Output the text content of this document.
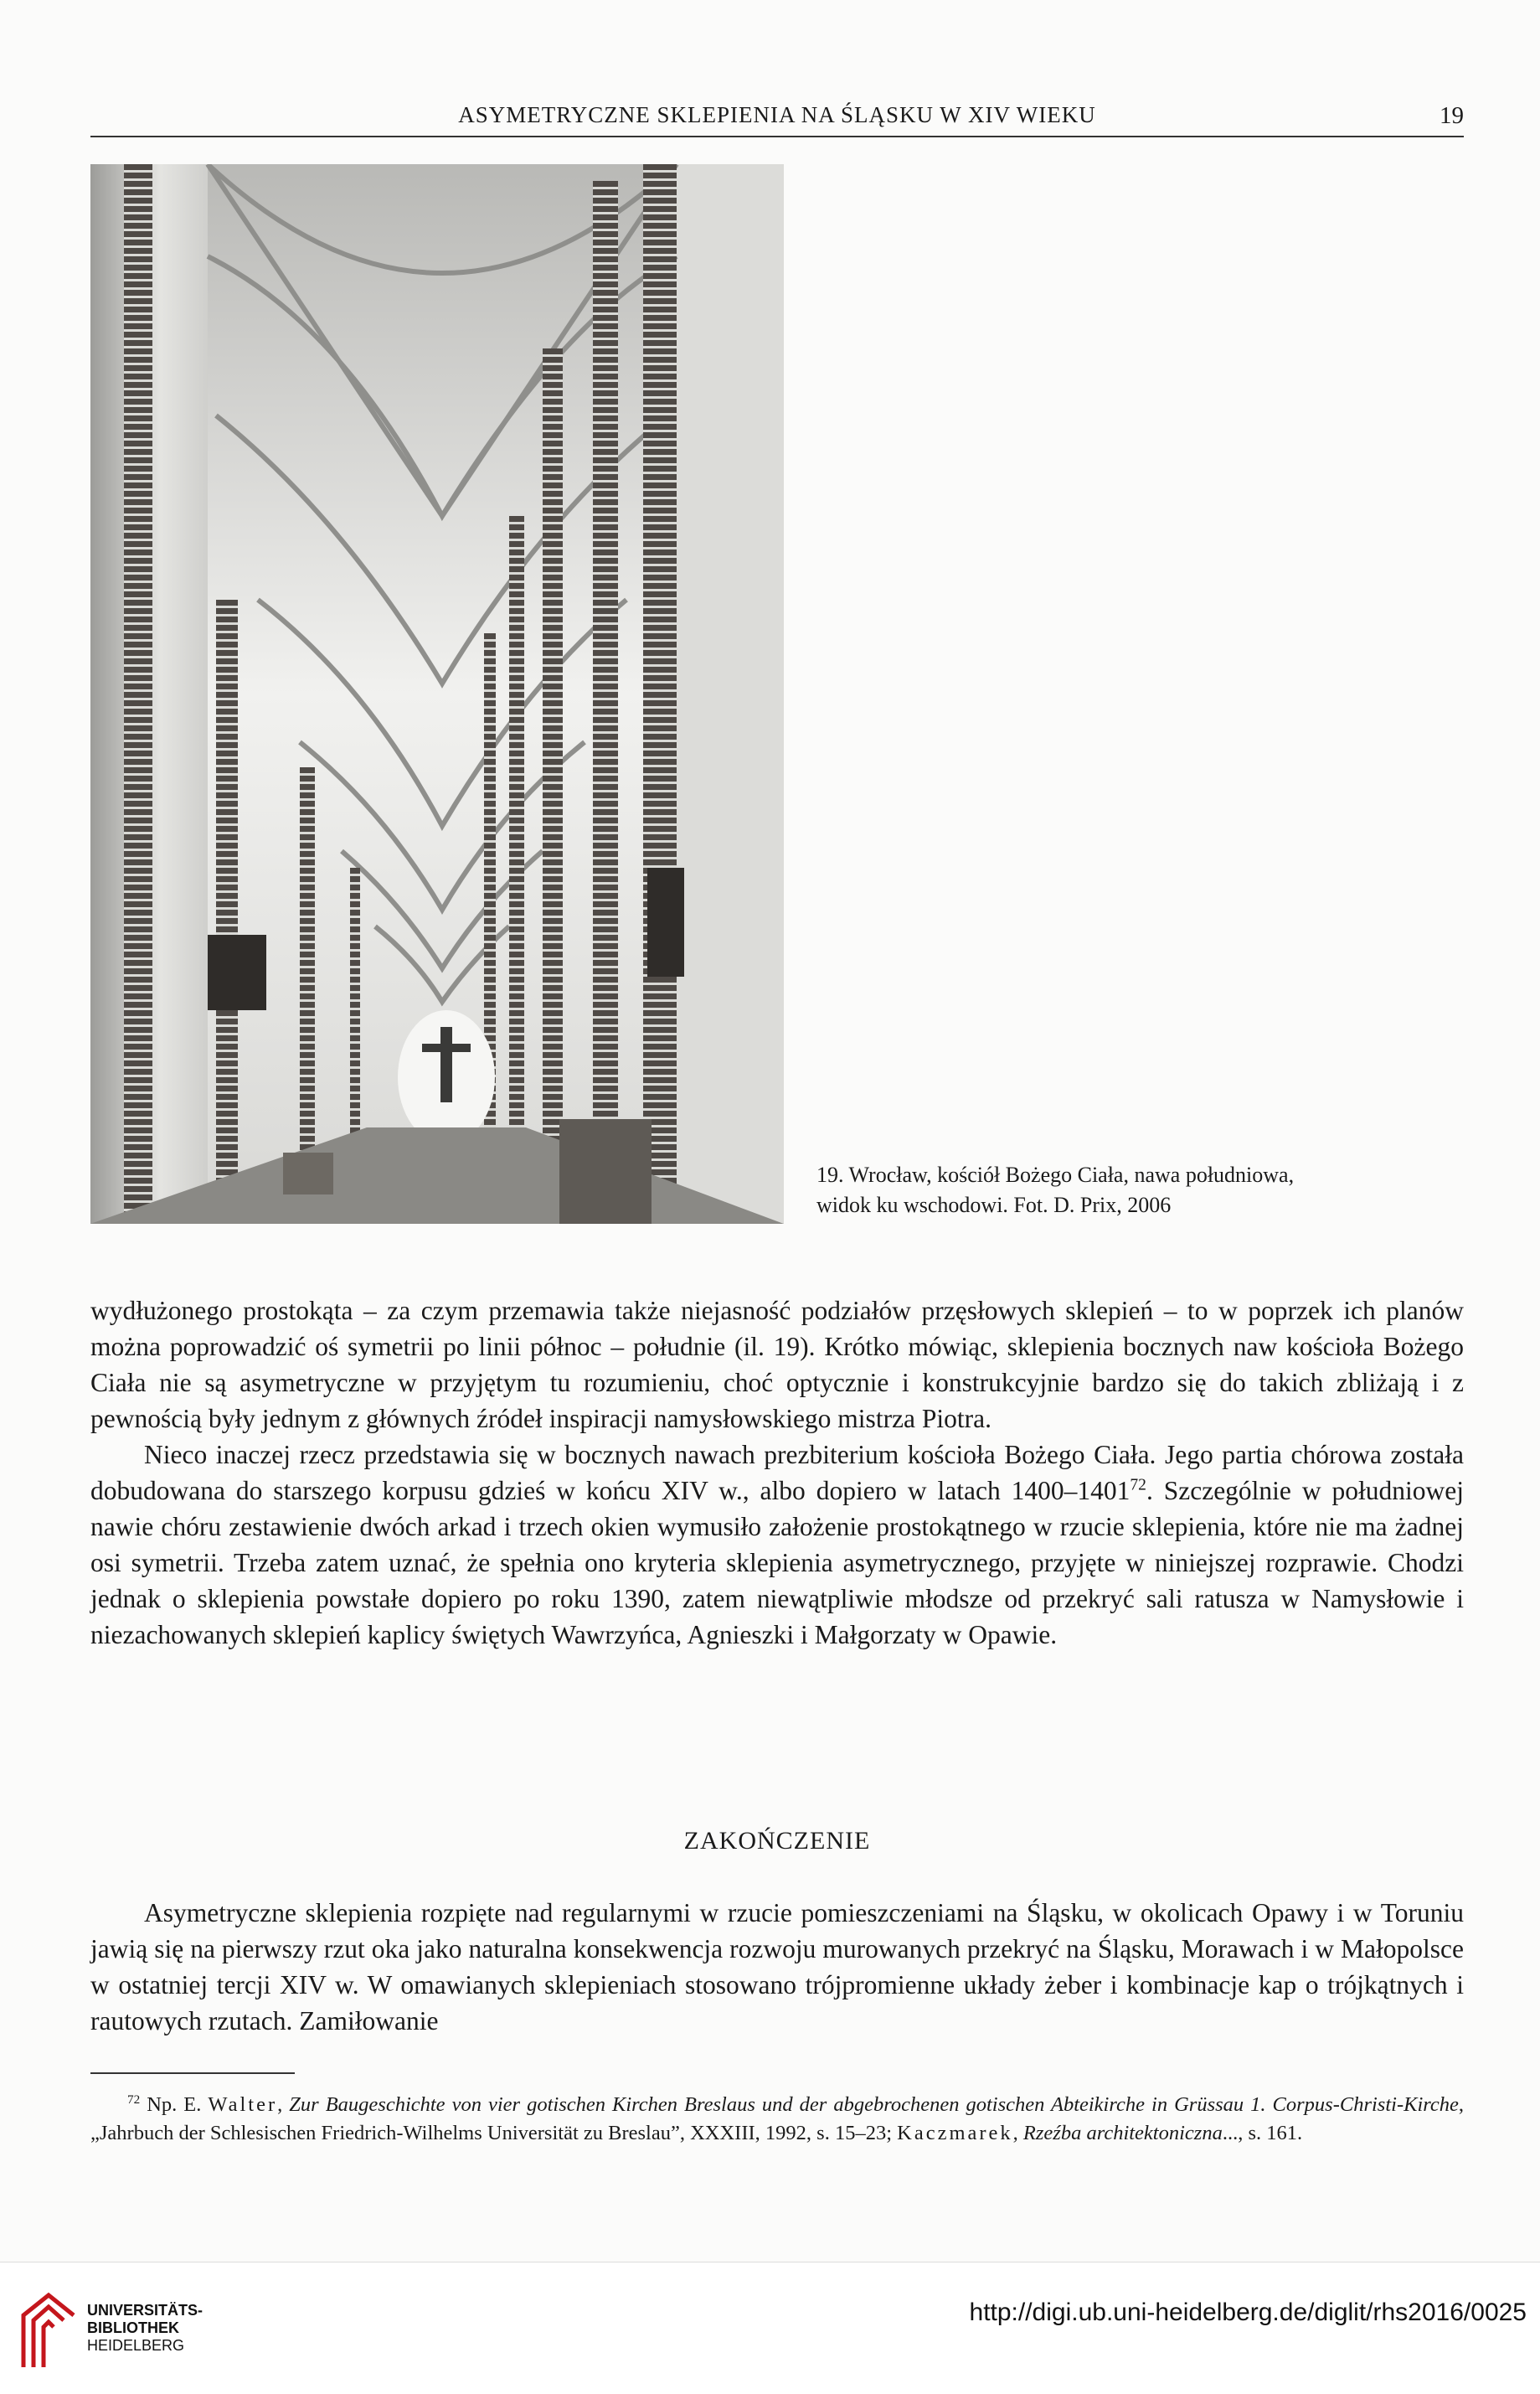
ASYMETRYCZNE SKLEPIENIA NA ŚLĄSKU W XIV WIEKU	19
19. Wrocław, kościół Bożego Ciała, nawa południowa,
widok ku wschodowi. Fot. D. Prix, 2006

wydłużonego prostokąta – za czym przemawia także niejasność podziałów przęsłowych sklepień – to w poprzek ich planów można poprowadzić oś symetrii po linii północ – południe (il. 19). Krótko mówiąc, sklepienia bocznych naw kościoła Bożego Ciała nie są asymetryczne w przyjętym tu rozumieniu, choć optycznie i konstrukcyjnie bardzo się do takich zbliżają i z pewnością były jednym z głównych źródeł inspiracji namysłowskiego mistrza Piotra.

Nieco inaczej rzecz przedstawia się w bocznych nawach prezbiterium kościoła Bożego Ciała. Jego partia chórowa została dobudowana do starszego korpusu gdzieś w końcu XIV w., albo dopiero w latach 1400–1401$^{72}$. Szczególnie w południowej nawie chóru zestawienie dwóch arkad i trzech okien wymusiło założenie prostokątnego w rzucie sklepienia, które nie ma żadnej osi symetrii. Trzeba zatem uznać, że spełnia ono kryteria sklepienia asymetrycznego, przyjęte w niniejszej rozprawie. Chodzi jednak o sklepienia powstałe dopiero po roku 1390, zatem niewątpliwie młodsze od przekryć sali ratusza w Namysłowie i niezachowanych sklepień kaplicy świętych Wawrzyńca, Agnieszki i Małgorzaty w Opawie.

ZAKOŃCZENIE
Asymetryczne sklepienia rozpięte nad regularnymi w rzucie pomieszczeniami na Śląsku, w okolicach Opawy i w Toruniu jawią się na pierwszy rzut oka jako naturalna konsekwencja rozwoju murowanych przekryć na Śląsku, Morawach i w Małopolsce w ostatniej tercji XIV w. W omawianych sklepieniach stosowano trójpromienne układy żeber i kombinacje kap o trójkątnych i rautowych rzutach. Zamiłowanie
$^{72}$ Np. E. Walter, Zur Baugeschichte von vier gotischen Kirchen Breslaus und der abgebrochenen gotischen Abteikirche in Grüssau 1. Corpus-Christi-Kirche, „Jahrbuch der Schlesischen Friedrich-Wilhelms Universität zu Breslau”, XXXIII, 1992, s. 15–23; Kaczmarek, Rzeźba architektoniczna..., s. 161.
UNIVERSITÄTS-
BIBLIOTHEK
HEIDELBERG
http://digi.ub.uni-heidelberg.de/diglit/rhs2016/0025
